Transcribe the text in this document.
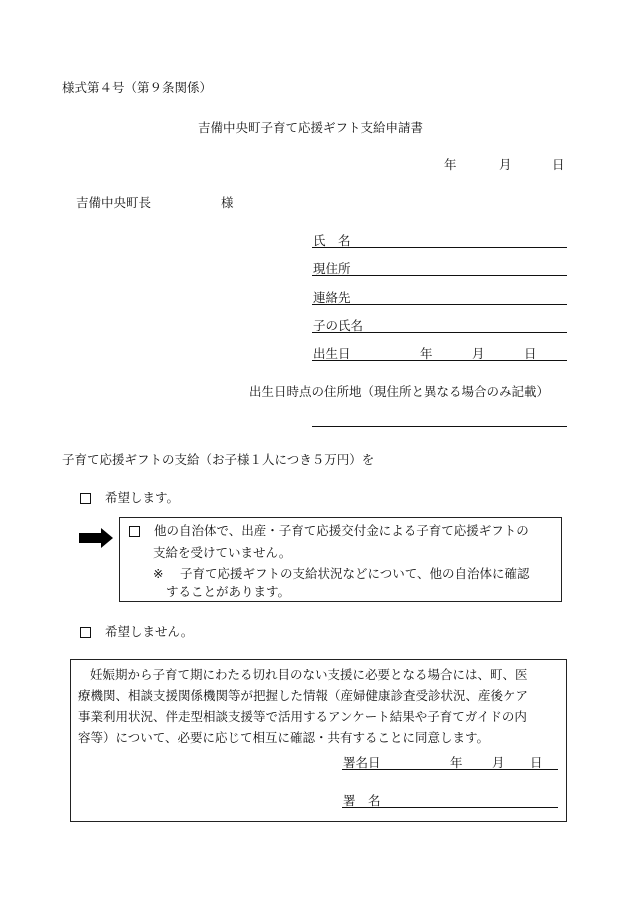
様式第４号（第９条関係）
吉備中央町子育て応援ギフト支給申請書
年	月	日
吉備中央町長	様
氏　名
現住所
連絡先
子の氏名
出生日	年	月	日
出生日時点の住所地（現住所と異なる場合のみ記載）
子育て応援ギフトの支給（お子様１人につき５万円）を
希望します。
他の自治体で、出産・子育て応援交付金による子育て応援ギフトの
支給を受けていません。
※ 子育て応援ギフトの支給状況などについて、他の自治体に確認
することがあります。
希望しません。
妊娠期から子育て期にわたる切れ目のない支援に必要となる場合には、町、医
療機関、相談支援関係機関等が把握した情報（産婦健康診査受診状況、産後ケア
事業利用状況、伴走型相談支援等で活用するアンケート結果や子育てガイドの内
容等）について、必要に応じて相互に確認・共有することに同意します。
署名日	年 月 日
署　名
